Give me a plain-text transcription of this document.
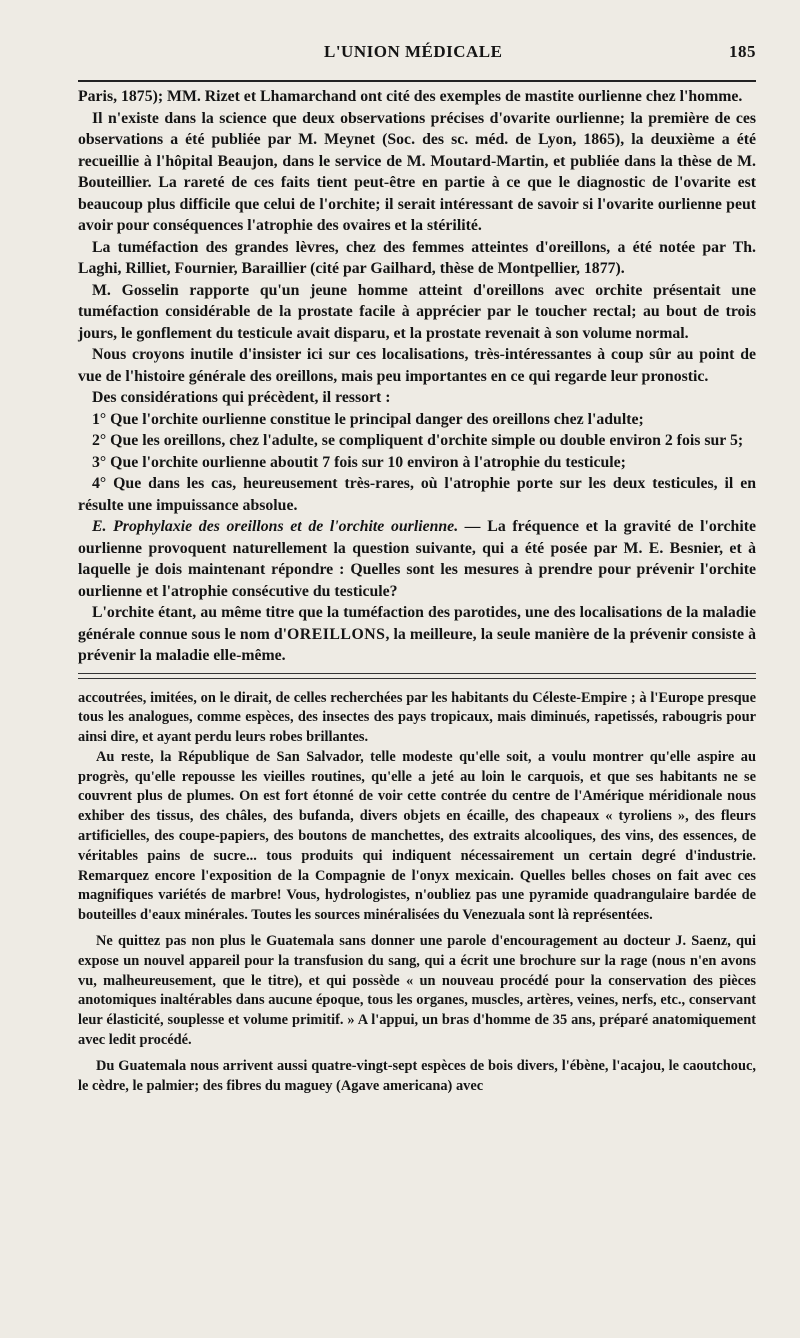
L'UNION MÉDICALE	185

Paris, 1875); MM. Rizet et Lhamarchand ont cité des exemples de mastite ourlienne chez l'homme.

Il n'existe dans la science que deux observations précises d'ovarite ourlienne; la première de ces observations a été publiée par M. Meynet (Soc. des sc. méd. de Lyon, 1865), la deuxième a été recueillie à l'hôpital Beaujon, dans le service de M. Moutard-Martin, et publiée dans la thèse de M. Bouteillier. La rareté de ces faits tient peut-être en partie à ce que le diagnostic de l'ovarite est beaucoup plus difficile que celui de l'orchite; il serait intéressant de savoir si l'ovarite ourlienne peut avoir pour conséquences l'atrophie des ovaires et la stérilité.

La tuméfaction des grandes lèvres, chez des femmes atteintes d'oreillons, a été notée par Th. Laghi, Rilliet, Fournier, Baraillier (cité par Gailhard, thèse de Montpellier, 1877).

M. Gosselin rapporte qu'un jeune homme atteint d'oreillons avec orchite présentait une tuméfaction considérable de la prostate facile à apprécier par le toucher rectal; au bout de trois jours, le gonflement du testicule avait disparu, et la prostate revenait à son volume normal.

Nous croyons inutile d'insister ici sur ces localisations, très-intéressantes à coup sûr au point de vue de l'histoire générale des oreillons, mais peu importantes en ce qui regarde leur pronostic.

Des considérations qui précèdent, il ressort :

1° Que l'orchite ourlienne constitue le principal danger des oreillons chez l'adulte;

2° Que les oreillons, chez l'adulte, se compliquent d'orchite simple ou double environ 2 fois sur 5;

3° Que l'orchite ourlienne aboutit 7 fois sur 10 environ à l'atrophie du testicule;

4° Que dans les cas, heureusement très-rares, où l'atrophie porte sur les deux testicules, il en résulte une impuissance absolue.

E. Prophylaxie des oreillons et de l'orchite ourlienne. — La fréquence et la gravité de l'orchite ourlienne provoquent naturellement la question suivante, qui a été posée par M. E. Besnier, et à laquelle je dois maintenant répondre : Quelles sont les mesures à prendre pour prévenir l'orchite ourlienne et l'atrophie consécutive du testicule?

L'orchite étant, au même titre que la tuméfaction des parotides, une des localisations de la maladie générale connue sous le nom d'OREILLONS, la meilleure, la seule manière de la prévenir consiste à prévenir la maladie elle-même.

accoutrées, imitées, on le dirait, de celles recherchées par les habitants du Céleste-Empire ; à l'Europe presque tous les analogues, comme espèces, des insectes des pays tropicaux, mais diminués, rapetissés, rabougris pour ainsi dire, et ayant perdu leurs robes brillantes.

Au reste, la République de San Salvador, telle modeste qu'elle soit, a voulu montrer qu'elle aspire au progrès, qu'elle repousse les vieilles routines, qu'elle a jeté au loin le carquois, et que ses habitants ne se couvrent plus de plumes. On est fort étonné de voir cette contrée du centre de l'Amérique méridionale nous exhiber des tissus, des châles, des bufanda, divers objets en écaille, des chapeaux « tyroliens », des fleurs artificielles, des coupe-papiers, des boutons de manchettes, des extraits alcooliques, des vins, des essences, de véritables pains de sucre... tous produits qui indiquent nécessairement un certain degré d'industrie. Remarquez encore l'exposition de la Compagnie de l'onyx mexicain. Quelles belles choses on fait avec ces magnifiques variétés de marbre! Vous, hydrologistes, n'oubliez pas une pyramide quadrangulaire bardée de bouteilles d'eaux minérales. Toutes les sources minéralisées du Venezuala sont là représentées.

Ne quittez pas non plus le Guatemala sans donner une parole d'encouragement au docteur J. Saenz, qui expose un nouvel appareil pour la transfusion du sang, qui a écrit une brochure sur la rage (nous n'en avons vu, malheureusement, que le titre), et qui possède « un nouveau procédé pour la conservation des pièces anotomiques inaltérables dans aucune époque, tous les organes, muscles, artères, veines, nerfs, etc., conservant leur élasticité, souplesse et volume primitif. » A l'appui, un bras d'homme de 35 ans, préparé anatomiquement avec ledit procédé.

Du Guatemala nous arrivent aussi quatre-vingt-sept espèces de bois divers, l'ébène, l'acajou, le caoutchouc, le cèdre, le palmier; des fibres du maguey (Agave americana) avec
